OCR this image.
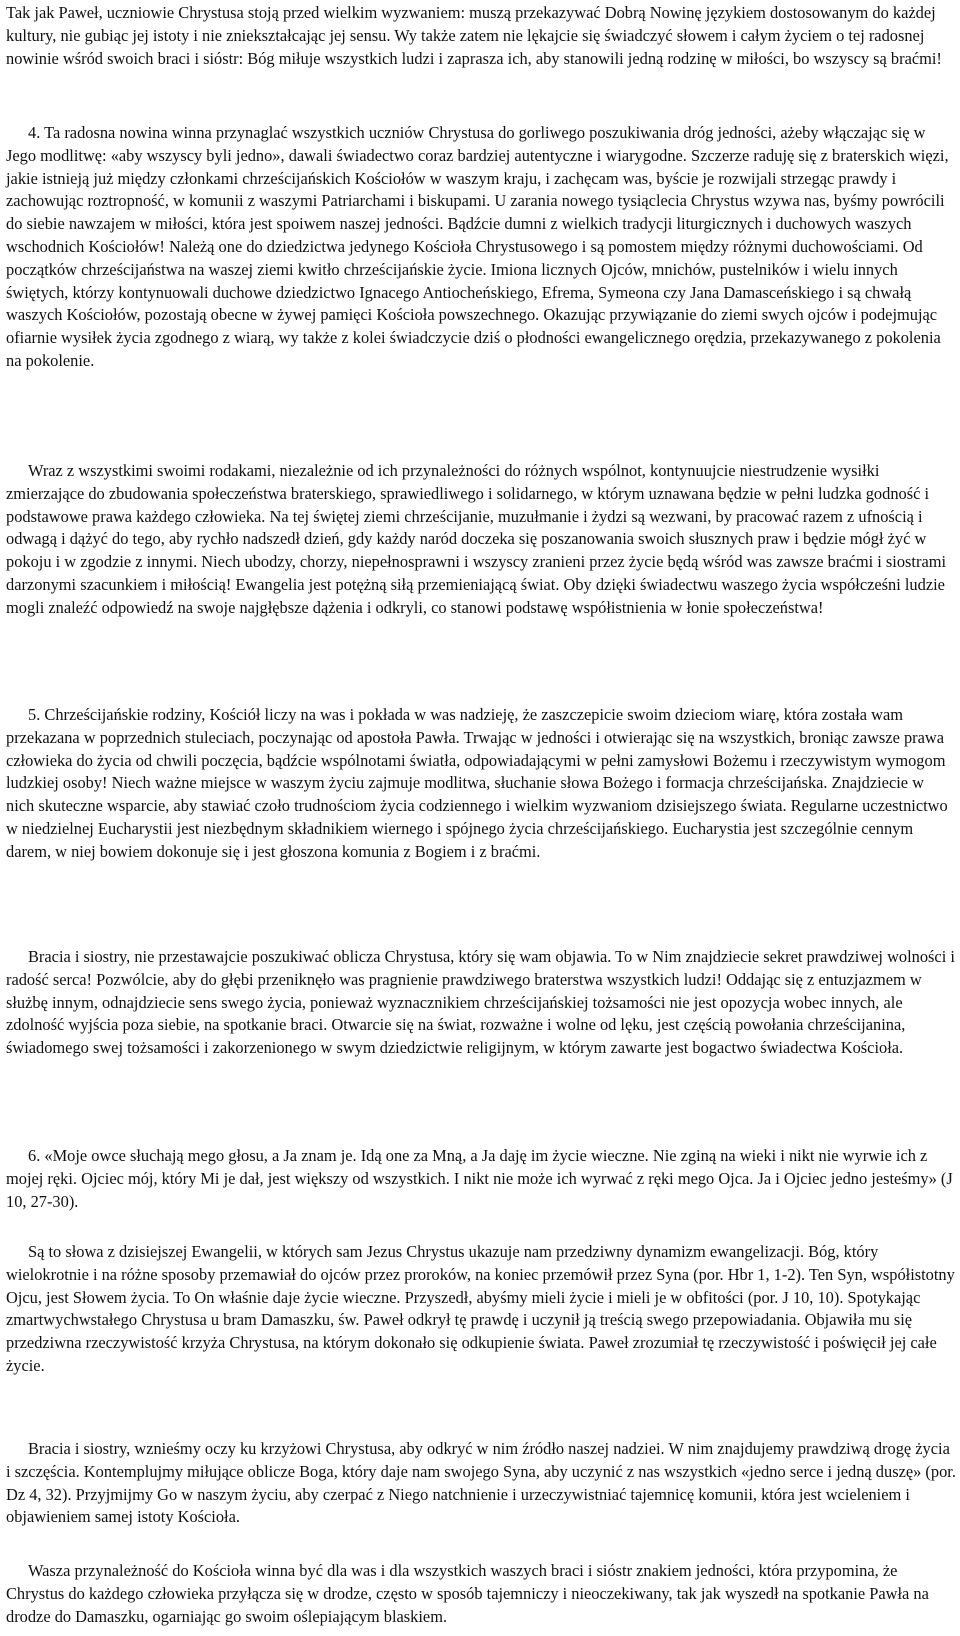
Tak jak Paweł, uczniowie Chrystusa stoją przed wielkim wyzwaniem: muszą przekazywać Dobrą Nowinę językiem dostosowanym do każdej kultury, nie gubiąc jej istoty i nie zniekształcając jej sensu. Wy także zatem nie lękajcie się świadczyć słowem i całym życiem o tej radosnej nowinie wśród swoich braci i sióstr: Bóg miłuje wszystkich ludzi i zaprasza ich, aby stanowili jedną rodzinę w miłości, bo wszyscy są braćmi!

4. Ta radosna nowina winna przynaglać wszystkich uczniów Chrystusa do gorliwego poszukiwania dróg jedności, ażeby włączając się w Jego modlitwę: «aby wszyscy byli jedno», dawali świadectwo coraz bardziej autentyczne i wiarygodne. Szczerze raduję się z braterskich więzi, jakie istnieją już między członkami chrześcijańskich Kościołów w waszym kraju, i zachęcam was, byście je rozwijali strzegąc prawdy i zachowując roztropność, w komunii z waszymi Patriarchami i biskupami. U zarania nowego tysiąclecia Chrystus wzywa nas, byśmy powrócili do siebie nawzajem w miłości, która jest spoiwem naszej jedności. Bądźcie dumni z wielkich tradycji liturgicznych i duchowych waszych wschodnich Kościołów! Należą one do dziedzictwa jedynego Kościoła Chrystusowego i są pomostem między różnymi duchowościami. Od początków chrześcijaństwa na waszej ziemi kwitło chrześcijańskie życie. Imiona licznych Ojców, mnichów, pustelników i wielu innych świętych, którzy kontynuowali duchowe dziedzictwo Ignacego Antiocheńskiego, Efrema, Symeona czy Jana Damasceńskiego i są chwałą waszych Kościołów, pozostają obecne w żywej pamięci Kościoła powszechnego. Okazując przywiązanie do ziemi swych ojców i podejmując ofiarnie wysiłek życia zgodnego z wiarą, wy także z kolei świadczycie dziś o płodności ewangelicznego orędzia, przekazywanego z pokolenia na pokolenie.

Wraz z wszystkimi swoimi rodakami, niezależnie od ich przynależności do różnych wspólnot, kontynuujcie niestrudzenie wysiłki zmierzające do zbudowania społeczeństwa braterskiego, sprawiedliwego i solidarnego, w którym uznawana będzie w pełni ludzka godność i podstawowe prawa każdego człowieka. Na tej świętej ziemi chrześcijanie, muzułmanie i żydzi są wezwani, by pracować razem z ufnością i odwagą i dążyć do tego, aby rychło nadszedł dzień, gdy każdy naród doczeka się poszanowania swoich słusznych praw i będzie mógł żyć w pokoju i w zgodzie z innymi. Niech ubodzy, chorzy, niepełnosprawni i wszyscy zranieni przez życie będą wśród was zawsze braćmi i siostrami darzonymi szacunkiem i miłością! Ewangelia jest potężną siłą przemieniającą świat. Oby dzięki świadectwu waszego życia współcześni ludzie mogli znaleźć odpowiedź na swoje najgłębsze dążenia i odkryli, co stanowi podstawę współistnienia w łonie społeczeństwa!

5. Chrześcijańskie rodziny, Kościół liczy na was i pokłada w was nadzieję, że zaszczepicie swoim dzieciom wiarę, która została wam przekazana w poprzednich stuleciach, poczynając od apostoła Pawła. Trwając w jedności i otwierając się na wszystkich, broniąc zawsze prawa człowieka do życia od chwili poczęcia, bądźcie wspólnotami światła, odpowiadającymi w pełni zamysłowi Bożemu i rzeczywistym wymogom ludzkiej osoby! Niech ważne miejsce w waszym życiu zajmuje modlitwa, słuchanie słowa Bożego i formacja chrześcijańska. Znajdziecie w nich skuteczne wsparcie, aby stawiać czoło trudnościom życia codziennego i wielkim wyzwaniom dzisiejszego świata. Regularne uczestnictwo w niedzielnej Eucharystii jest niezbędnym składnikiem wiernego i spójnego życia chrześcijańskiego. Eucharystia jest szczególnie cennym darem, w niej bowiem dokonuje się i jest głoszona komunia z Bogiem i z braćmi.

Bracia i siostry, nie przestawajcie poszukiwać oblicza Chrystusa, który się wam objawia. To w Nim znajdziecie sekret prawdziwej wolności i radość serca! Pozwólcie, aby do głębi przeniknęło was pragnienie prawdziwego braterstwa wszystkich ludzi! Oddając się z entuzjazmem w służbę innym, odnajdziecie sens swego życia, ponieważ wyznacznikiem chrześcijańskiej tożsamości nie jest opozycja wobec innych, ale zdolność wyjścia poza siebie, na spotkanie braci. Otwarcie się na świat, rozważne i wolne od lęku, jest częścią powołania chrześcijanina, świadomego swej tożsamości i zakorzenionego w swym dziedzictwie religijnym, w którym zawarte jest bogactwo świadectwa Kościoła.

6. «Moje owce słuchają mego głosu, a Ja znam je. Idą one za Mną, a Ja daję im życie wieczne. Nie zginą na wieki i nikt nie wyrwie ich z mojej ręki. Ojciec mój, który Mi je dał, jest większy od wszystkich. I nikt nie może ich wyrwać z ręki mego Ojca. Ja i Ojciec jedno jesteśmy» (J 10, 27-30).

Są to słowa z dzisiejszej Ewangelii, w których sam Jezus Chrystus ukazuje nam przedziwny dynamizm ewangelizacji. Bóg, który wielokrotnie i na różne sposoby przemawiał do ojców przez proroków, na koniec przemówił przez Syna (por. Hbr 1, 1-2). Ten Syn, współistotny Ojcu, jest Słowem życia. To On właśnie daje życie wieczne. Przyszedł, abyśmy mieli życie i mieli je w obfitości (por. J 10, 10). Spotykając zmartwychwstałego Chrystusa u bram Damaszku, św. Paweł odkrył tę prawdę i uczynił ją treścią swego przepowiadania. Objawiła mu się przedziwna rzeczywistość krzyża Chrystusa, na którym dokonało się odkupienie świata. Paweł zrozumiał tę rzeczywistość i poświęcił jej całe życie.

Bracia i siostry, wznieśmy oczy ku krzyżowi Chrystusa, aby odkryć w nim źródło naszej nadziei. W nim znajdujemy prawdziwą drogę życia i szczęścia. Kontemplujmy miłujące oblicze Boga, który daje nam swojego Syna, aby uczynić z nas wszystkich «jedno serce i jedną duszę» (por. Dz 4, 32). Przyjmijmy Go w naszym życiu, aby czerpać z Niego natchnienie i urzeczywistniać tajemnicę komunii, która jest wcieleniem i objawieniem samej istoty Kościoła.

Wasza przynależność do Kościoła winna być dla was i dla wszystkich waszych braci i sióstr znakiem jedności, która przypomina, że Chrystus do każdego człowieka przyłącza się w drodze, często w sposób tajemniczy i nieoczekiwany, tak jak wyszedł na spotkanie Pawła na drodze do Damaszku, ogarniając go swoim oślepiającym blaskiem.
